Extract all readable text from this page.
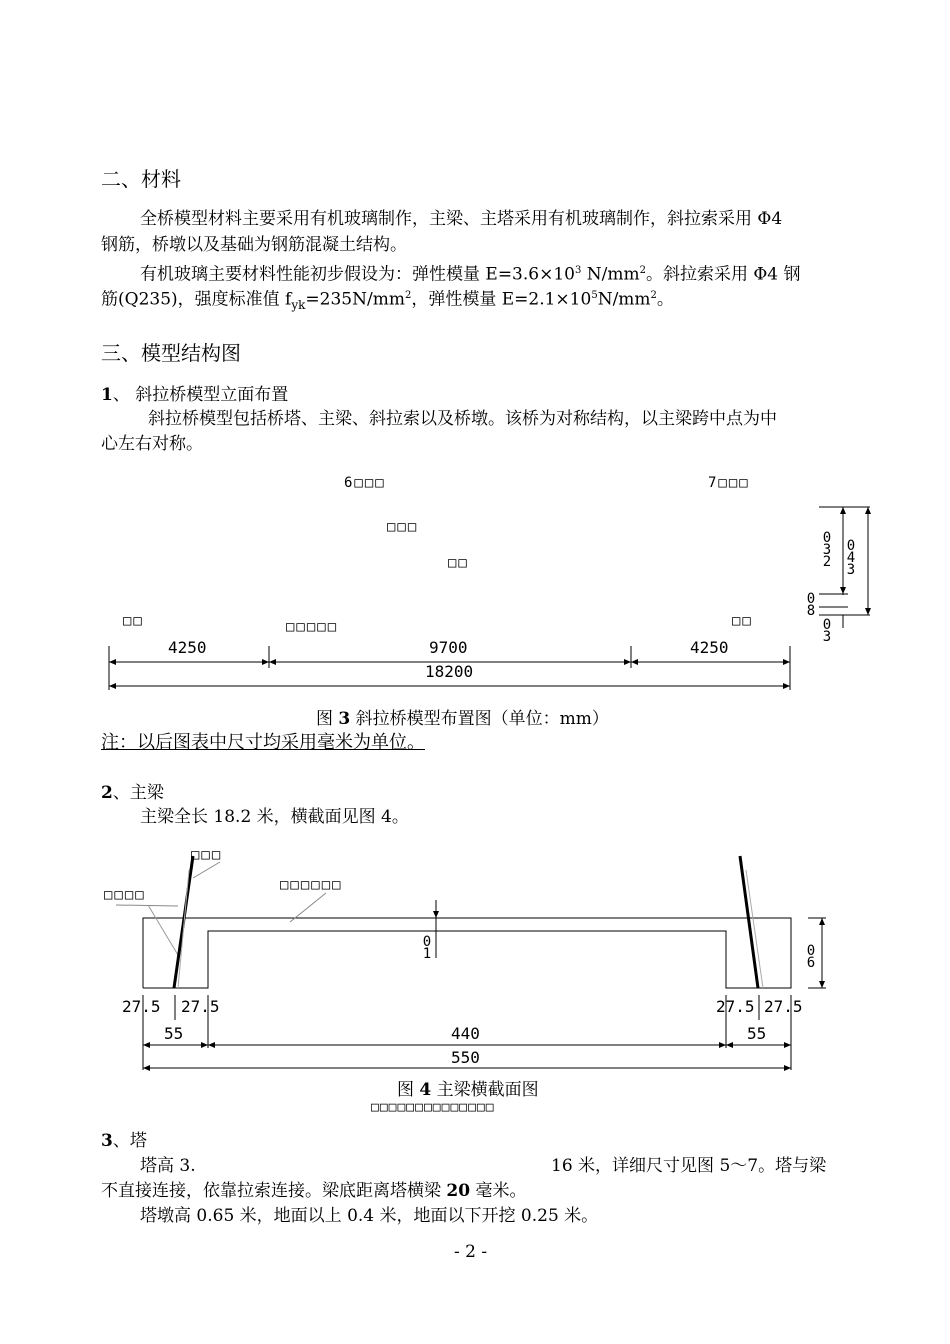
二、材料
全桥模型材料主要采用有机玻璃制作，主梁、主塔采用有机玻璃制作，斜拉索采用 Φ4
钢筋，桥墩以及基础为钢筋混凝土结构。
有机玻璃主要材料性能初步假设为：弹性模量 $E=3.6\times 10^3$ $N/mm^2$。斜拉索采用 Φ4 钢
筋(Q235)，强度标准值 $f_{yk}=235N/mm^2$，弹性模量 $E=2.1\times 10^5N/mm^2$。
三、模型结构图
1、 斜拉桥模型立面布置
斜拉桥模型包括桥塔、主梁、斜拉索以及桥墩。该桥为对称结构，以主梁跨中点为中
心左右对称。
6□□□	7□□□
□□□
□□
□□	□□□□□	□□
4250	9700	4250
18200
032
043
08
03
图 3 斜拉桥模型布置图（单位：mm）
注：以后图表中尺寸均采用毫米为单位。
2、主梁
主梁全长 18.2 米，横截面见图 4。
□□□
□□□□
□□□□□□
01	06
27.5 27.5	27.5 27.5
55	440	55
550
图 4 主梁横截面图
□□□□□□□□□□□□□□
3、塔
塔高 3.	16 米，详细尺寸见图 5～7。塔与梁
不直接连接，依靠拉索连接。梁底距离塔横梁 20 毫米。
塔墩高 0.65 米，地面以上 0.4 米，地面以下开挖 0.25 米。
- 2 -
